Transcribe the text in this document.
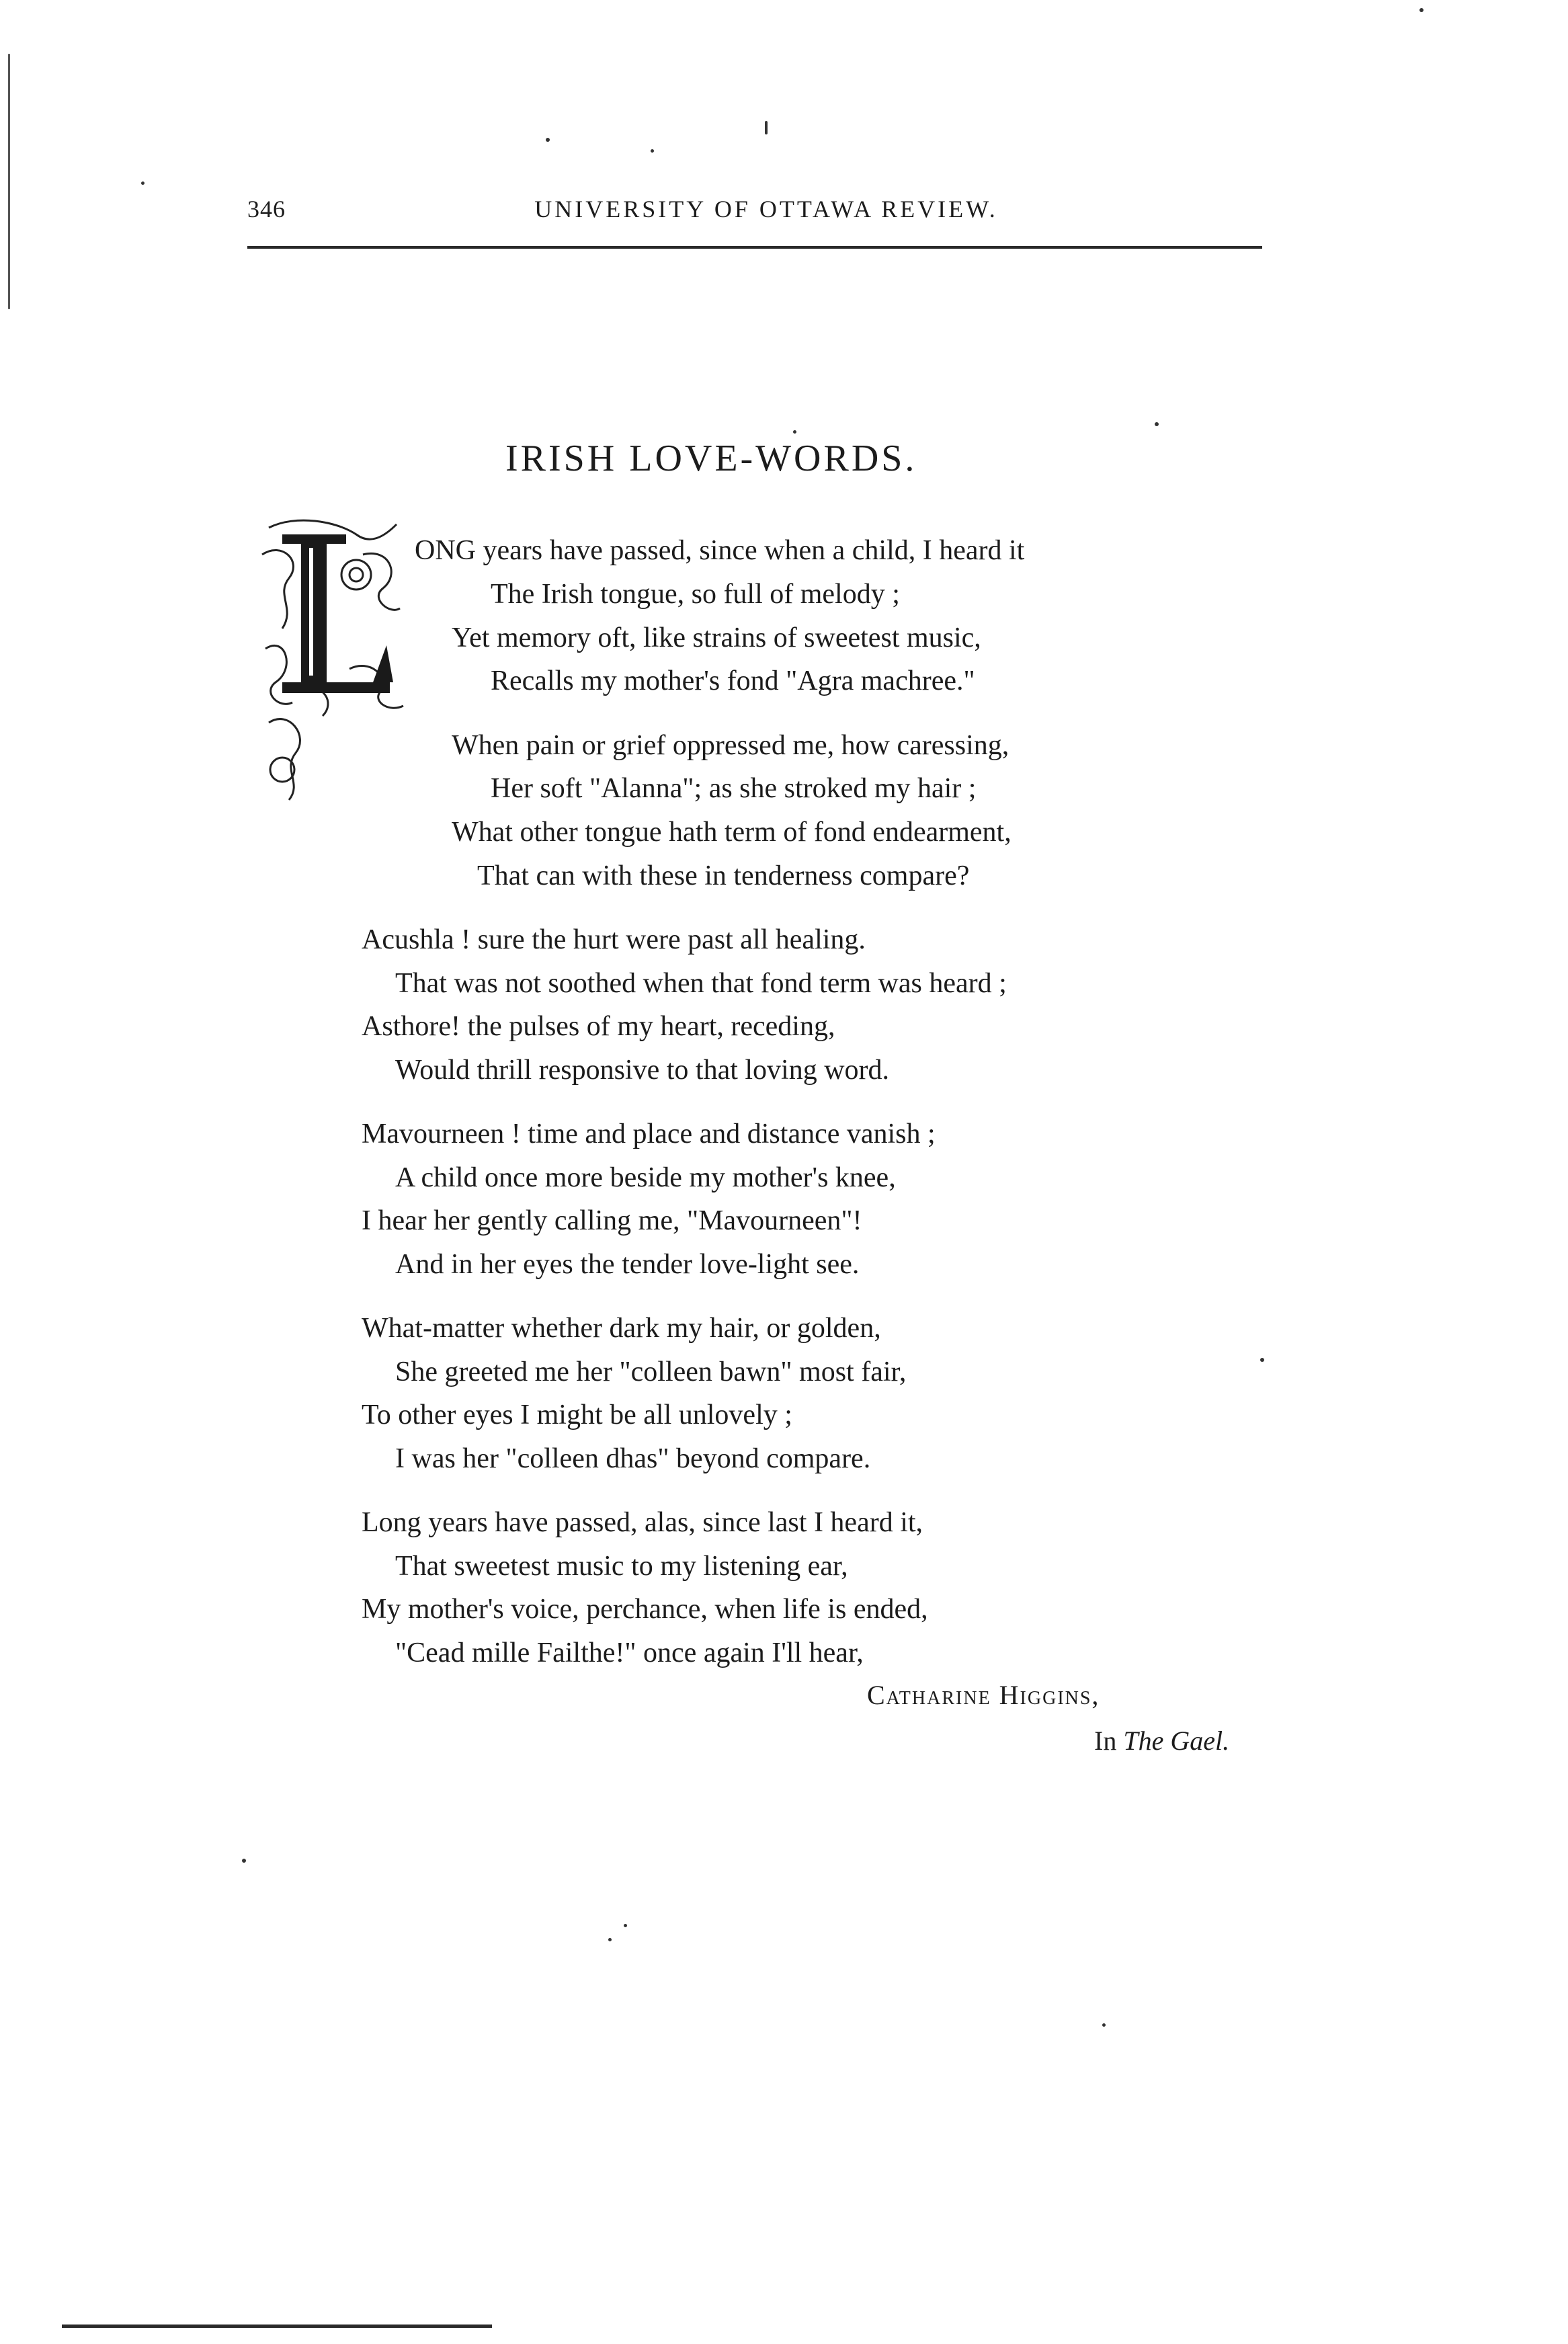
346	UNIVERSITY OF OTTAWA REVIEW.
IRISH LOVE-WORDS.
ONG years have passed, since when a child, I heard it
The Irish tongue, so full of melody ;
Yet memory oft, like strains of sweetest music,
Recalls my mother's fond "Agra machree."
When pain or grief oppressed me, how caressing,
Her soft "Alanna"; as she stroked my hair ;
What other tongue hath term of fond endearment,
That can with these in tenderness compare?
Acushla ! sure the hurt were past all healing.
That was not soothed when that fond term was heard ;
Asthore! the pulses of my heart, receding,
Would thrill responsive to that loving word.
Mavourneen ! time and place and distance vanish ;
A child once more beside my mother's knee,
I hear her gently calling me, "Mavourneen"!
And in her eyes the tender love-light see.
What-matter whether dark my hair, or golden,
She greeted me her "colleen bawn" most fair,
To other eyes I might be all unlovely ;
I was her "colleen dhas" beyond compare.
Long years have passed, alas, since last I heard it,
That sweetest music to my listening ear,
My mother's voice, perchance, when life is ended,
"Cead mille Failthe!" once again I'll hear,
Catharine Higgins,
In The Gael.
